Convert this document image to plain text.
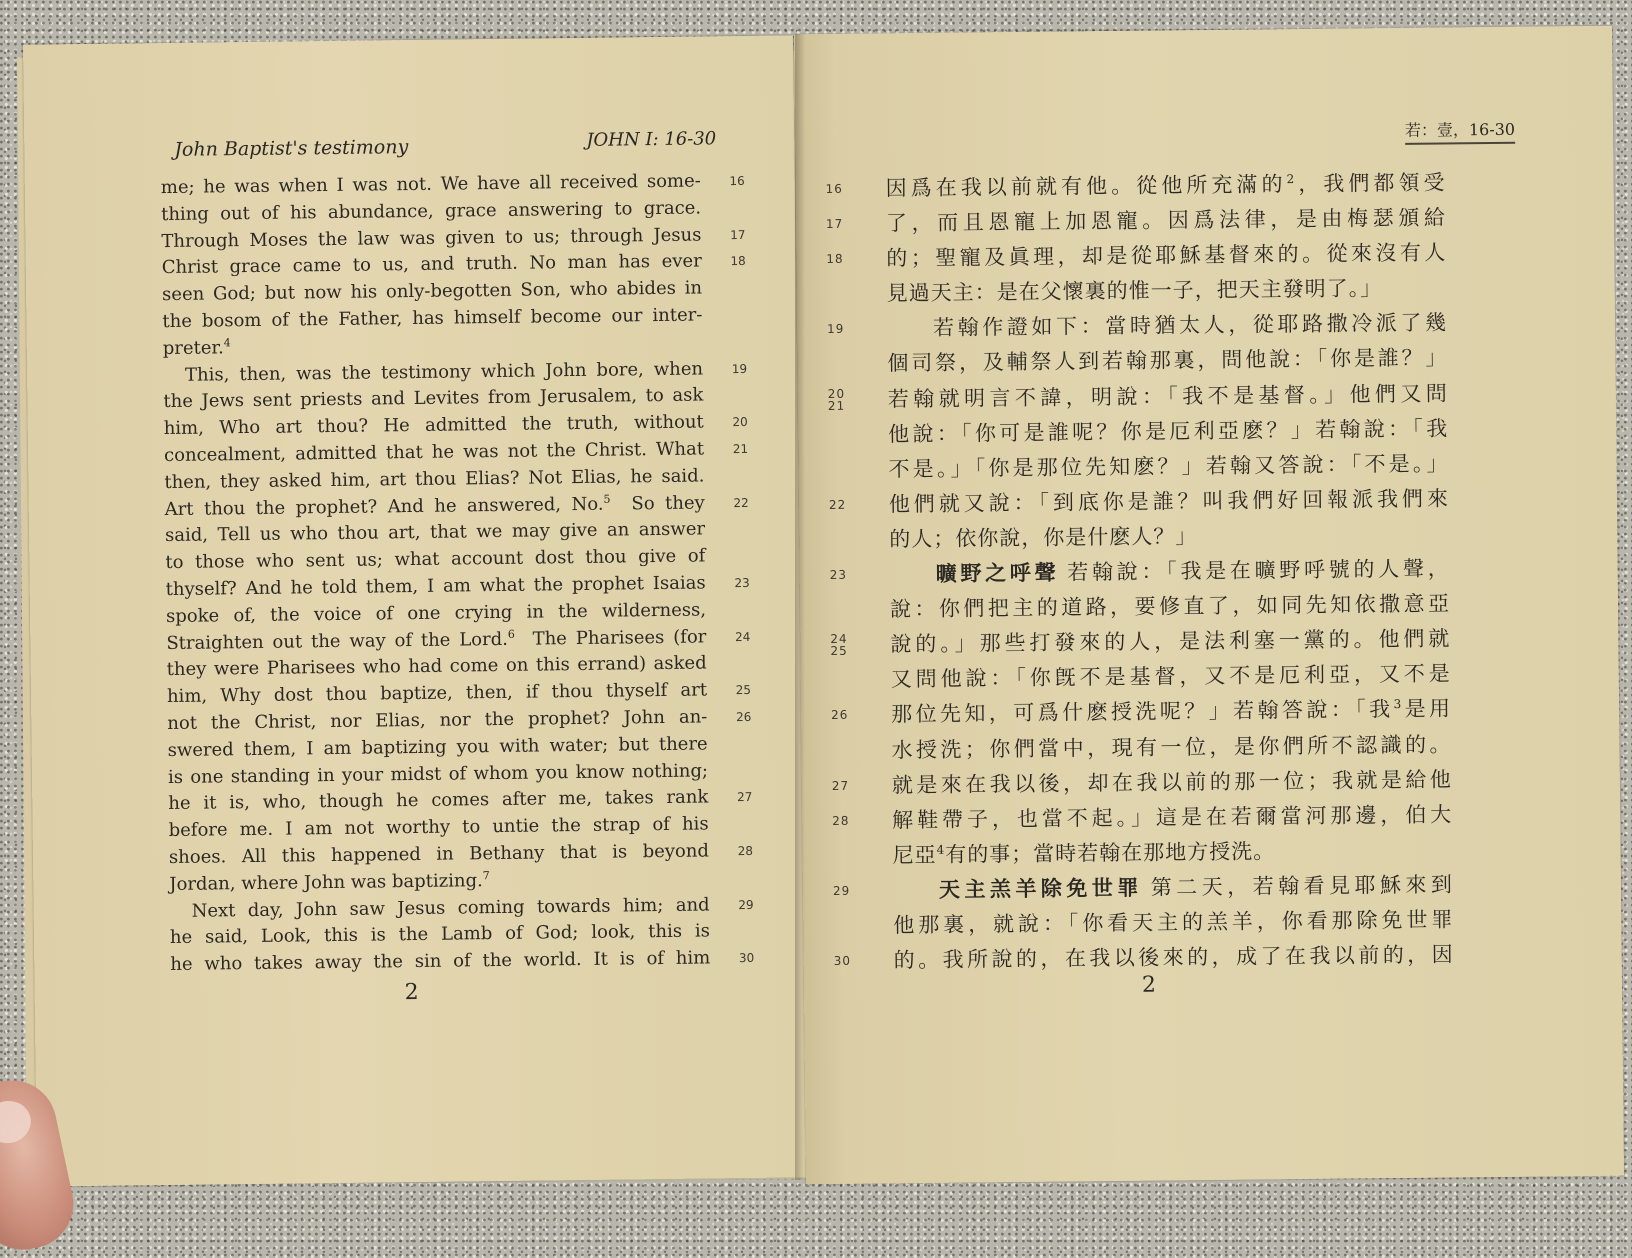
John Baptist's testimony	JOHN I: 16-30
me; he was when I was not. We have all received some- 16
thing out of his abundance, grace answering to grace.
Through Moses the law was given to us; through Jesus 17
Christ grace came to us, and truth. No man has ever 18
seen God; but now his only-begotten Son, who abides in
the bosom of the Father, has himself become our inter-
preter.$^4$
This, then, was the testimony which John bore, when 19
the Jews sent priests and Levites from Jerusalem, to ask
him, Who art thou? He admitted the truth, without 20
concealment, admitted that he was not the Christ. What 21
then, they asked him, art thou Elias? Not Elias, he said.
Art thou the prophet? And he answered, No.$^5$  So they 22
said, Tell us who thou art, that we may give an answer
to those who sent us; what account dost thou give of
thyself? And he told them, I am what the prophet Isaias 23
spoke of, the voice of one crying in the wilderness,
Straighten out the way of the Lord.$^6$  The Pharisees (for 24
they were Pharisees who had come on this errand) asked
him, Why dost thou baptize, then, if thou thyself art 25
not the Christ, nor Elias, nor the prophet? John an- 26
swered them, I am baptizing you with water; but there
is one standing in your midst of whom you know nothing;
he it is, who, though he comes after me, takes rank 27
before me. I am not worthy to untie the strap of his
shoes. All this happened in Bethany that is beyond 28
Jordan, where John was baptizing.$^7$
Next day, John saw Jesus coming towards him; and 29
he said, Look, this is the Lamb of God; look, this is
he who takes away the sin of the world. It is of him 30
2
若：壹，16-30
16 因爲在我以前就有他。從他所充滿的$^2$，我們都領受
17 了，而且恩寵上加恩寵。因爲法律，是由梅瑟頒給
18 的；聖寵及眞理，却是從耶穌基督來的。從來沒有人
見過天主：是在父懷裏的惟一子，把天主發明了。」
19	若翰作證如下：當時猶太人，從耶路撒冷派了幾
個司祭，及輔祭人到若翰那裏，問他說：「你是誰？」
20
21 若翰就明言不諱，明說：「我不是基督。」他們又問
他說：「你可是誰呢？你是厄利亞麽？」若翰說：「我
不是。」「你是那位先知麽？」若翰又答說：「不是。」
22 他們就又說：「到底你是誰？叫我們好回報派我們來
的人；依你說，你是什麽人？」
23	曠野之呼聲 若翰說：「我是在曠野呼號的人聲，
說：你們把主的道路，要修直了，如同先知依撒意亞
24
25 說的。」那些打發來的人，是法利塞一黨的。他們就
又問他說：「你旣不是基督，又不是厄利亞，又不是
26 那位先知，可爲什麽授洗呢？」若翰答說：「我$^3$是用
水授洗；你們當中，現有一位，是你們所不認識的。
27 就是來在我以後，却在我以前的那一位；我就是給他
28 解鞋帶子，也當不起。」這是在若爾當河那邊，伯大
尼亞$^4$有的事；當時若翰在那地方授洗。
29	天主羔羊除免世罪 第二天，若翰看見耶穌來到
他那裏，就說：「你看天主的羔羊，你看那除免世罪
30 的。我所說的，在我以後來的，成了在我以前的，因
2
